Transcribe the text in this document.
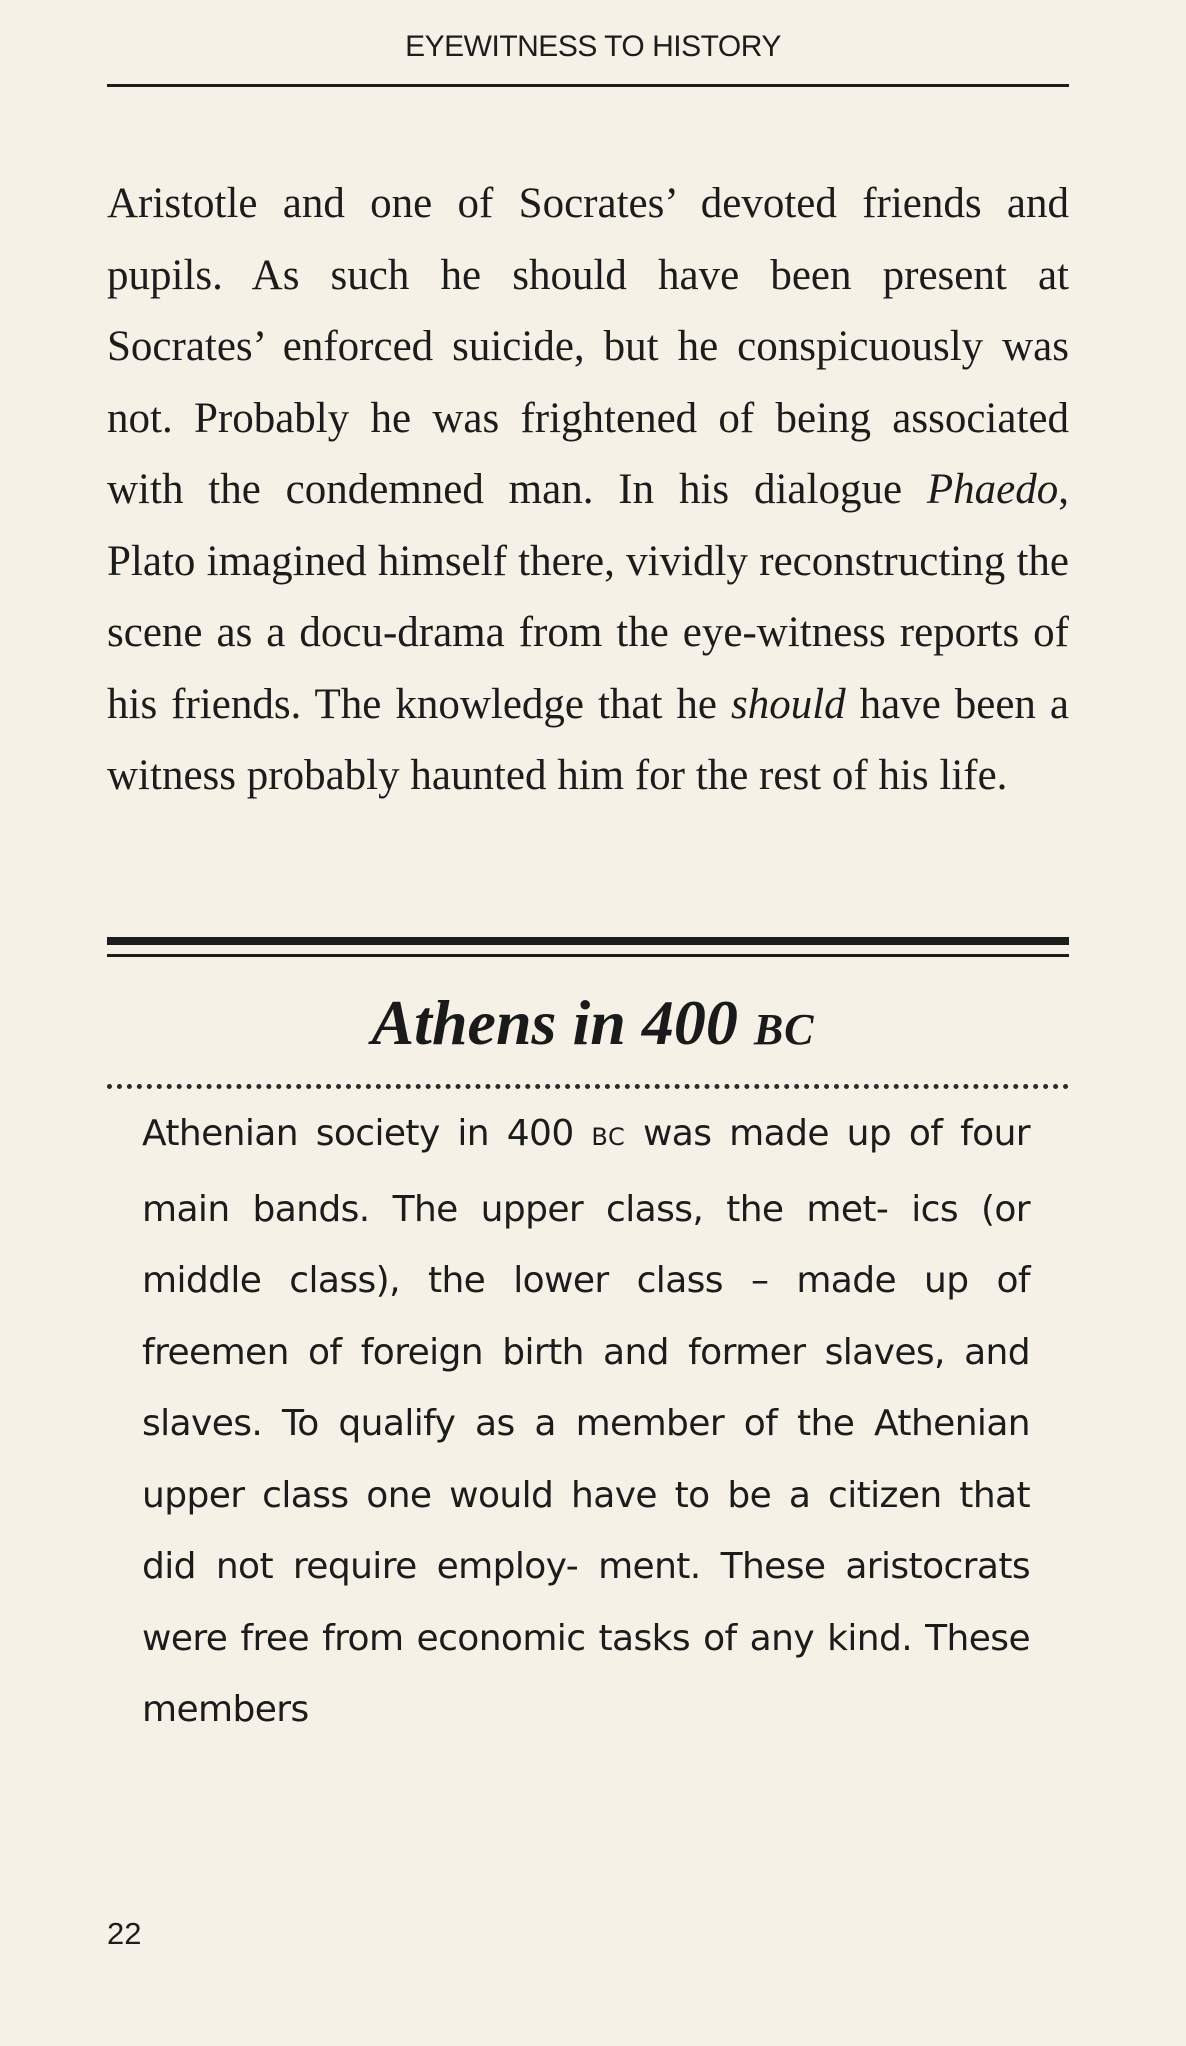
EYEWITNESS TO HISTORY

Aristotle and one of Socrates’ devoted friends and pupils. As such he should have been present at Socrates’ enforced suicide, but he conspicuously was not. Probably he was frightened of being associated with the condemned man. In his dialogue Phaedo, Plato imagined himself there, vividly reconstructing the scene as a docu-drama from the eye-witness reports of his friends. The knowledge that he should have been a witness probably haunted him for the rest of his life.

Athens in 400 BC

Athenian society in 400 BC was made up of four main bands. The upper class, the met- ics (or middle class), the lower class – made up of freemen of foreign birth and former slaves, and slaves. To qualify as a member of the Athenian upper class one would have to be a citizen that did not require employ- ment. These aristocrats were free from economic tasks of any kind. These members

22
